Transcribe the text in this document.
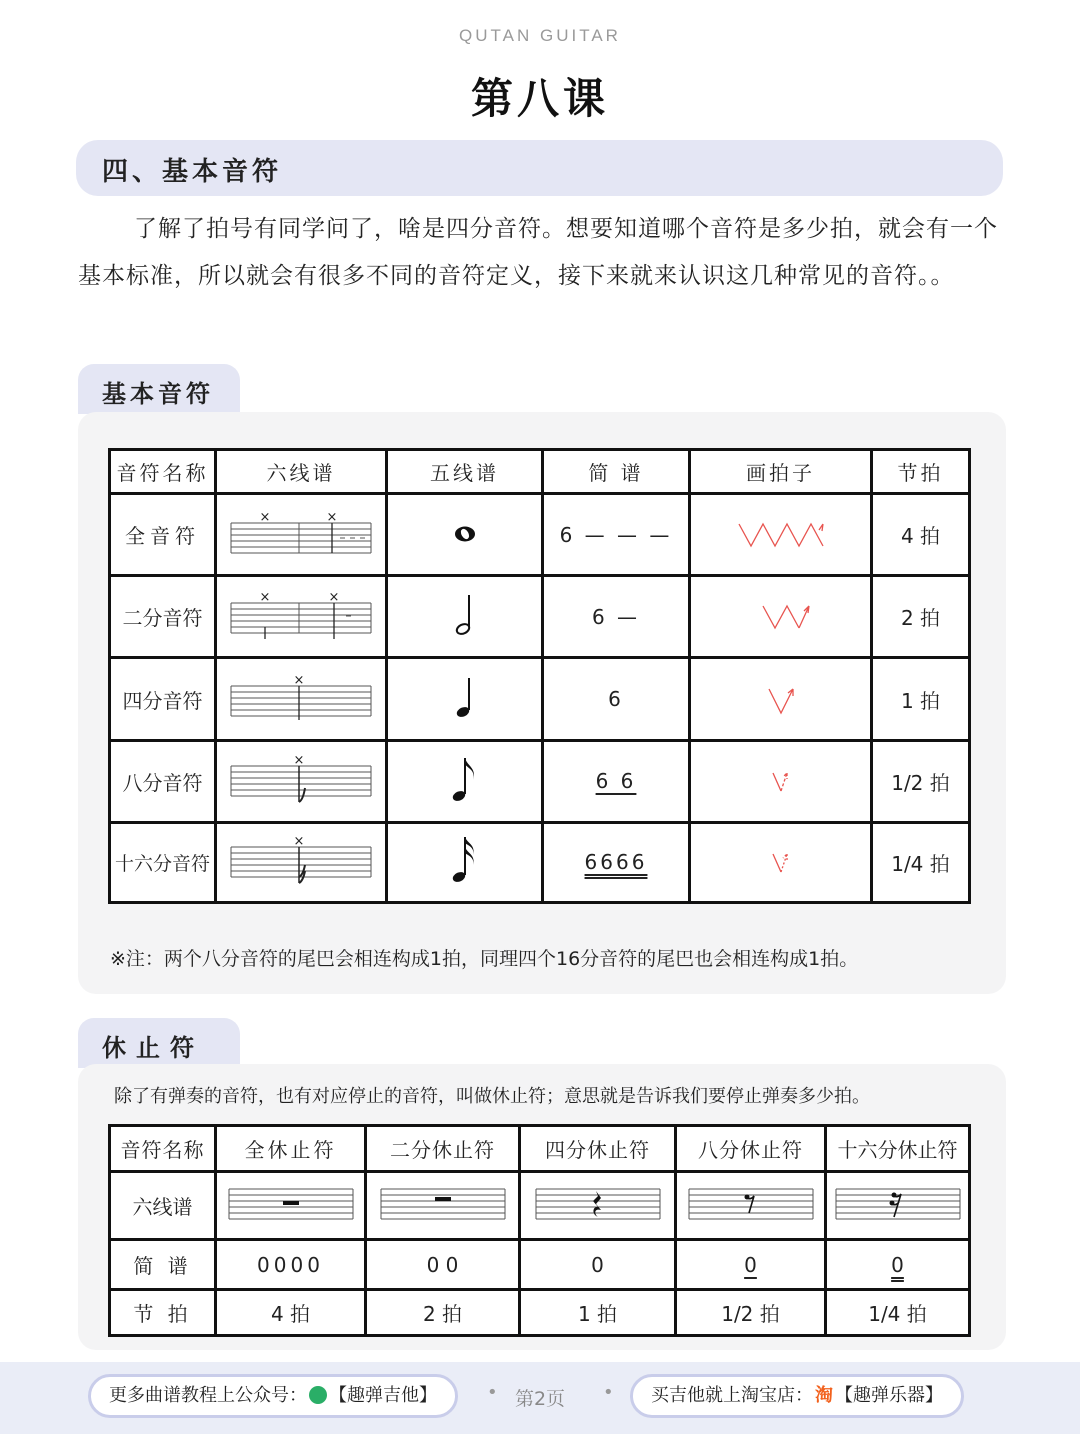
QUTAN GUITAR
第八课
四、基本音符

了解了拍号有同学问了，啥是四分音符。想要知道哪个音符是多少拍，就会有一个基本标准，所以就会有很多不同的音符定义，接下来就来认识这几种常见的音符。。

基本音符
音符名称	六线谱	五线谱	简 谱	画拍子	节拍
全音符	× ×		6 — — —		4 拍
二分音符	× ×		6 —		2 拍
四分音符	×		6		1 拍
八分音符	×		6 6		1/2 拍
十六分音符	×		6666		1/4 拍
※注：两个八分音符的尾巴会相连构成1拍，同理四个16分音符的尾巴也会相连构成1拍。
休止符
除了有弹奏的音符，也有对应停止的音符，叫做休止符；意思就是告诉我们要停止弹奏多少拍。
音符名称	全休止符	二分休止符	四分休止符	八分休止符	十六分休止符
六线谱					
简 谱	0000	0 0	0	0	0
节 拍	4 拍	2 拍	1 拍	1/2 拍	1/4 拍
更多曲谱教程上公众号： 【趣弹吉他】	• 第2页	•	买吉他就上淘宝店： 淘 【趣弹乐器】
